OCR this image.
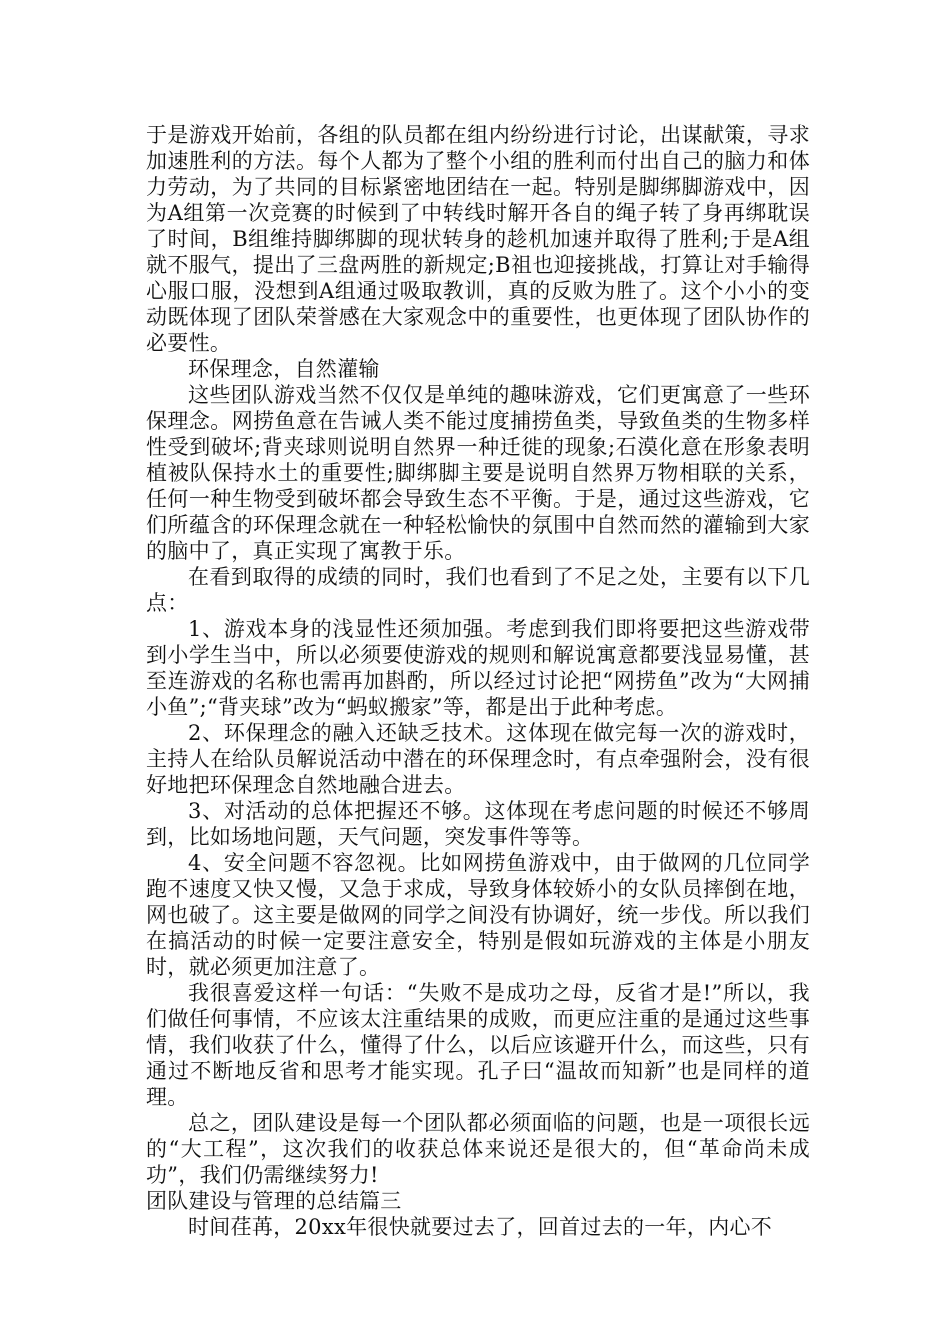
于是游戏开始前，各组的队员都在组内纷纷进行讨论，出谋献策，寻求加速胜利的方法。每个人都为了整个小组的胜利而付出自己的脑力和体力劳动，为了共同的目标紧密地团结在一起。特别是脚绑脚游戏中，因为A组第一次竞赛的时候到了中转线时解开各自的绳子转了身再绑耽误了时间，B组维持脚绑脚的现状转身的趁机加速并取得了胜利;于是A组就不服气，提出了三盘两胜的新规定;B祖也迎接挑战，打算让对手输得心服口服，没想到A组通过吸取教训，真的反败为胜了。这个小小的变动既体现了团队荣誉感在大家观念中的重要性，也更体现了团队协作的必要性。

环保理念，自然灌输

这些团队游戏当然不仅仅是单纯的趣味游戏，它们更寓意了一些环保理念。网捞鱼意在告诫人类不能过度捕捞鱼类，导致鱼类的生物多样性受到破坏;背夹球则说明自然界一种迁徙的现象;石漠化意在形象表明植被队保持水土的重要性;脚绑脚主要是说明自然界万物相联的关系，任何一种生物受到破坏都会导致生态不平衡。于是，通过这些游戏，它们所蕴含的环保理念就在一种轻松愉快的氛围中自然而然的灌输到大家的脑中了，真正实现了寓教于乐。

在看到取得的成绩的同时，我们也看到了不足之处，主要有以下几点：

1、游戏本身的浅显性还须加强。考虑到我们即将要把这些游戏带到小学生当中，所以必须要使游戏的规则和解说寓意都要浅显易懂，甚至连游戏的名称也需再加斟酌，所以经过讨论把“网捞鱼”改为“大网捕小鱼”;“背夹球”改为“蚂蚁搬家”等，都是出于此种考虑。

2、环保理念的融入还缺乏技术。这体现在做完每一次的游戏时，主持人在给队员解说活动中潜在的环保理念时，有点牵强附会，没有很好地把环保理念自然地融合进去。

3、对活动的总体把握还不够。这体现在考虑问题的时候还不够周到，比如场地问题，天气问题，突发事件等等。

4、安全问题不容忽视。比如网捞鱼游戏中，由于做网的几位同学跑不速度又快又慢，又急于求成，导致身体较娇小的女队员摔倒在地，网也破了。这主要是做网的同学之间没有协调好，统一步伐。所以我们在搞活动的时候一定要注意安全，特别是假如玩游戏的主体是小朋友时，就必须更加注意了。

我很喜爱这样一句话：“失败不是成功之母，反省才是!”所以，我们做任何事情，不应该太注重结果的成败，而更应注重的是通过这些事情，我们收获了什么，懂得了什么，以后应该避开什么，而这些，只有通过不断地反省和思考才能实现。孔子曰“温故而知新”也是同样的道理。

总之，团队建设是每一个团队都必须面临的问题，也是一项很长远的“大工程”，这次我们的收获总体来说还是很大的，但“革命尚未成功”，我们仍需继续努力!

团队建设与管理的总结篇三

时间荏苒，20xx年很快就要过去了，回首过去的一年，内心不
